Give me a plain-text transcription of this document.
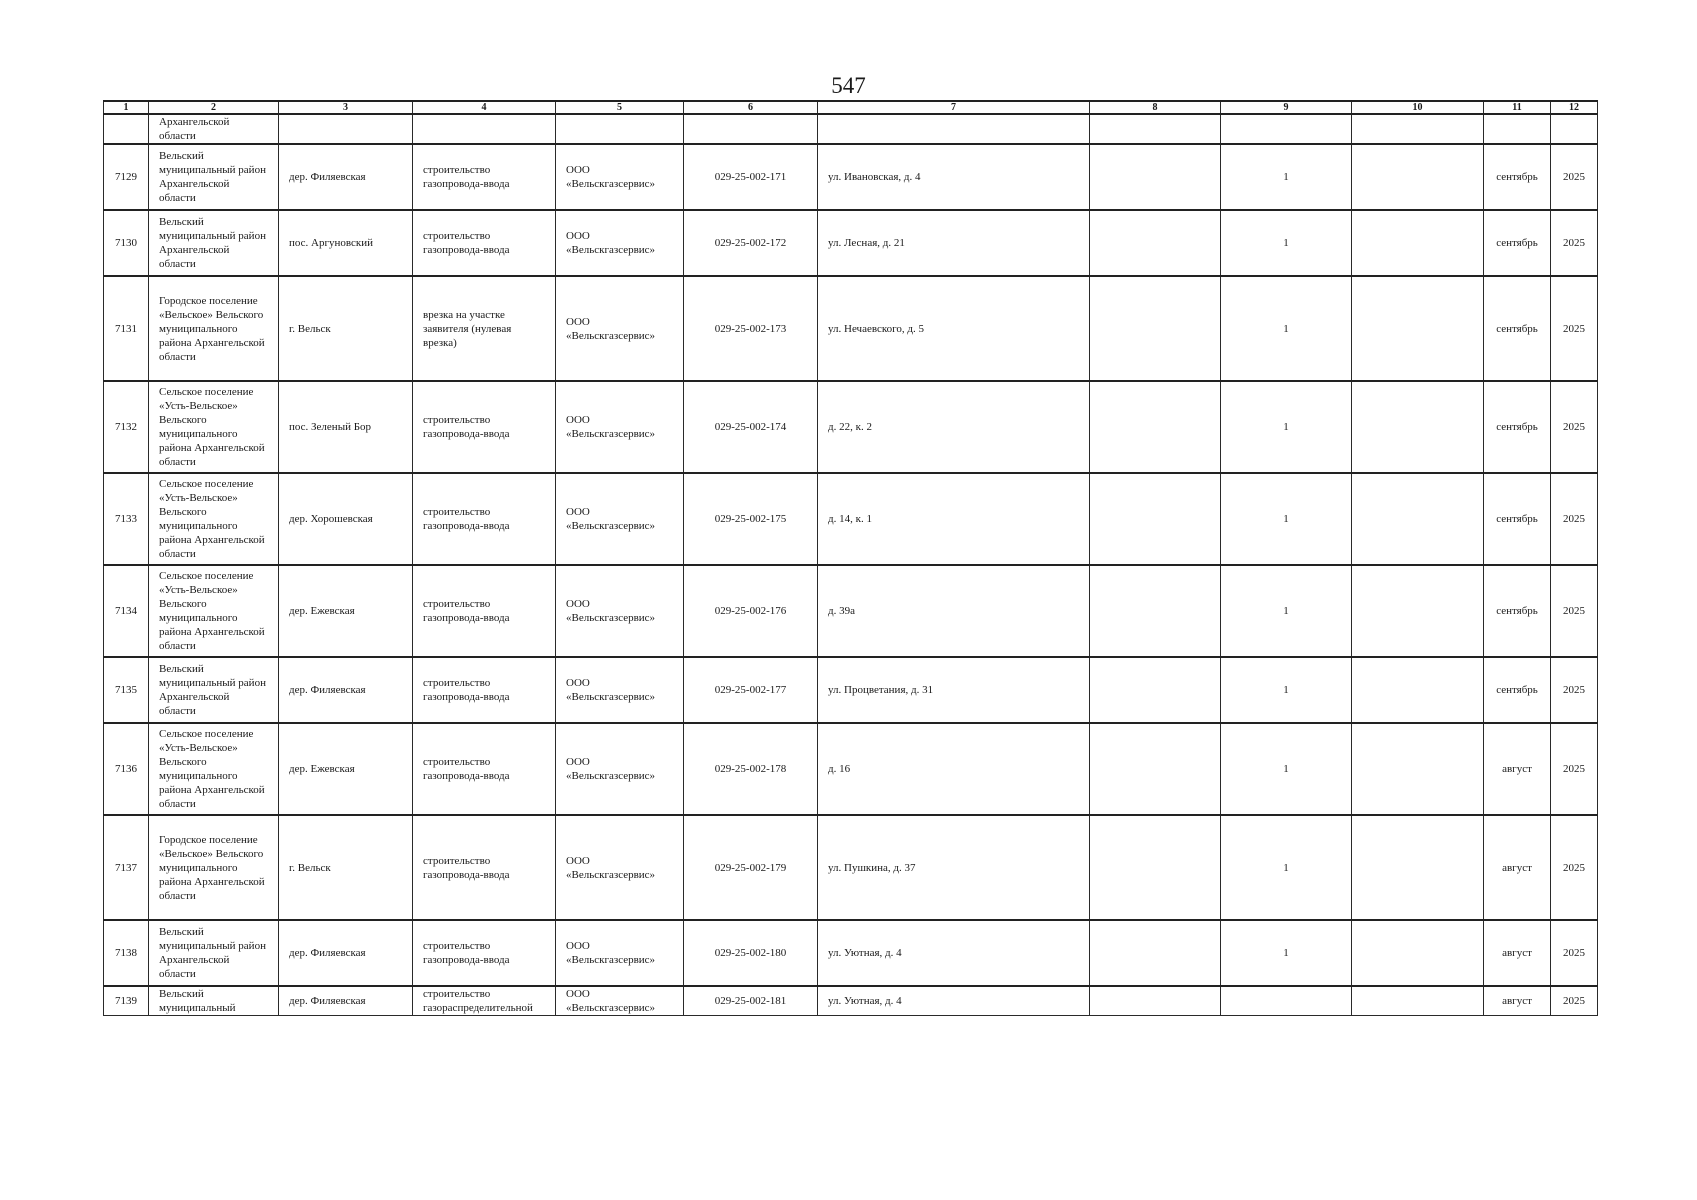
547
1	2	3	4	5	6	7	8	9	10	11	12
	Архангельской области										
7129	Вельский муниципальный район Архангельской области	дер. Филяевская	строительство газопровода-ввода	ООО «Вельскгазсервис»	029-25-002-171	ул. Ивановская, д. 4		1		сентябрь	2025
7130	Вельский муниципальный район Архангельской области	пос. Аргуновский	строительство газопровода-ввода	ООО «Вельскгазсервис»	029-25-002-172	ул. Лесная, д. 21		1		сентябрь	2025
7131	Городское поселение «Вельское» Вельского муниципального района Архангельской области	г. Вельск	врезка на участке заявителя (нулевая врезка)	ООО «Вельскгазсервис»	029-25-002-173	ул. Нечаевского, д. 5		1		сентябрь	2025
7132	Сельское поселение «Усть-Вельское» Вельского муниципального района Архангельской области	пос. Зеленый Бор	строительство газопровода-ввода	ООО «Вельскгазсервис»	029-25-002-174	д. 22, к. 2		1		сентябрь	2025
7133	Сельское поселение «Усть-Вельское» Вельского муниципального района Архангельской области	дер. Хорошевская	строительство газопровода-ввода	ООО «Вельскгазсервис»	029-25-002-175	д. 14, к. 1		1		сентябрь	2025
7134	Сельское поселение «Усть-Вельское» Вельского муниципального района Архангельской области	дер. Ежевская	строительство газопровода-ввода	ООО «Вельскгазсервис»	029-25-002-176	д. 39а		1		сентябрь	2025
7135	Вельский муниципальный район Архангельской области	дер. Филяевская	строительство газопровода-ввода	ООО «Вельскгазсервис»	029-25-002-177	ул. Процветания, д. 31		1		сентябрь	2025
7136	Сельское поселение «Усть-Вельское» Вельского муниципального района Архангельской области	дер. Ежевская	строительство газопровода-ввода	ООО «Вельскгазсервис»	029-25-002-178	д. 16		1		август	2025
7137	Городское поселение «Вельское» Вельского муниципального района Архангельской области	г. Вельск	строительство газопровода-ввода	ООО «Вельскгазсервис»	029-25-002-179	ул. Пушкина, д. 37		1		август	2025
7138	Вельский муниципальный район Архангельской области	дер. Филяевская	строительство газопровода-ввода	ООО «Вельскгазсервис»	029-25-002-180	ул. Уютная, д. 4		1		август	2025
7139	Вельский муниципальный	дер. Филяевская	строительство газораспределительной	ООО «Вельскгазсервис»	029-25-002-181	ул. Уютная, д. 4				август	2025
